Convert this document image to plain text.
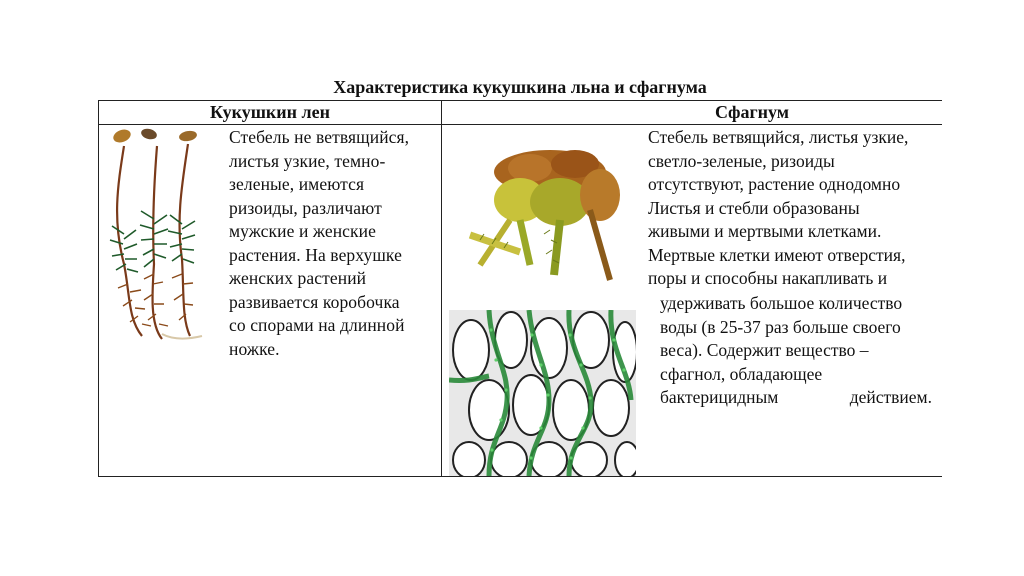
Характеристика кукушкина льна и сфагнума
Кукушкин лен	Сфагнум
Стебель не ветвящийся,
листья узкие, темно-
зеленые, имеются
ризоиды, различают
мужские и женские
растения. На верхушке
женских растений
развивается коробочка
со спорами на длинной
ножке.
Стебель ветвящийся, листья узкие,
светло-зеленые, ризоиды
отсутствуют, растение однодомно
Листья и стебли образованы
живыми и мертвыми клетками.
Мертвые клетки имеют отверстия,
поры и способны накапливать и
удерживать большое количество
воды (в 25-37 раз больше своего
веса). Содержит вещество –
сфагнол, обладающее
бактерицидным	действием.
